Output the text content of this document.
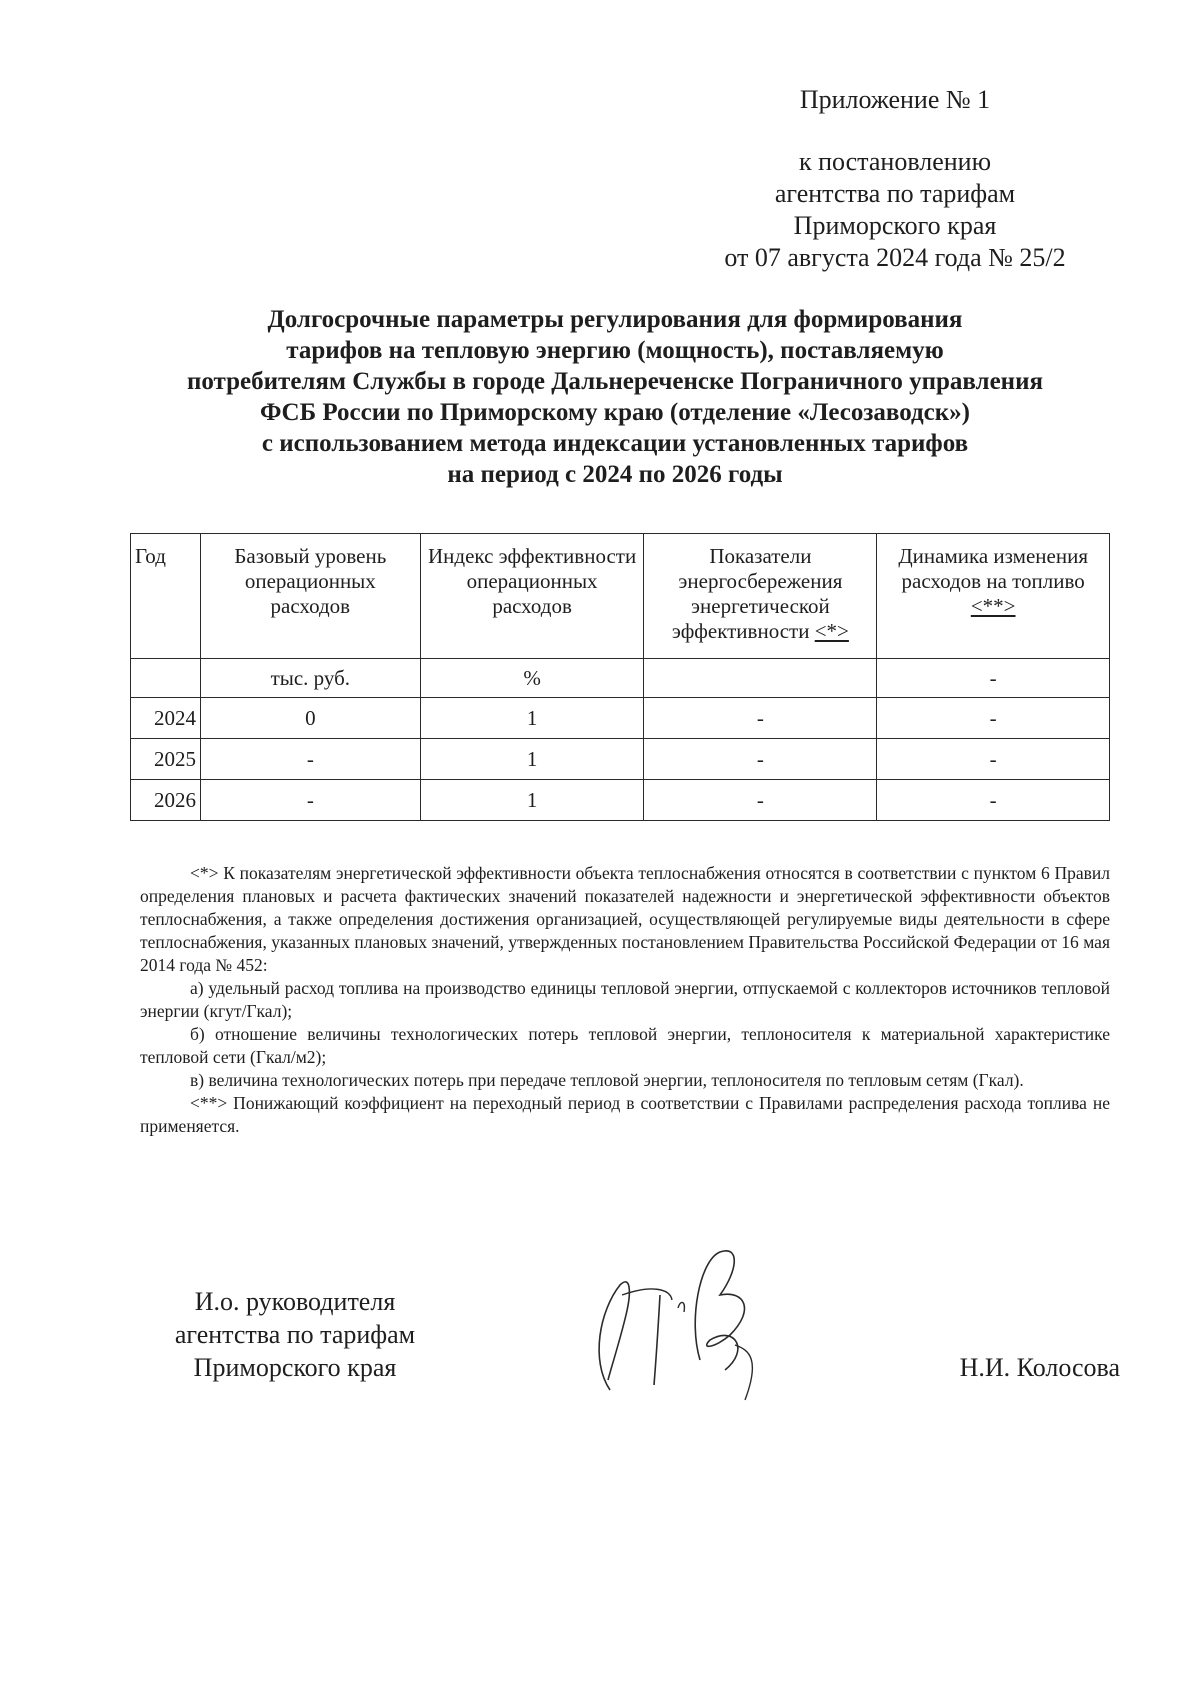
Приложение № 1
к постановлению
агентства по тарифам
Приморского края
от 07 августа 2024 года № 25/2
Долгосрочные параметры регулирования для формирования
тарифов на тепловую энергию (мощность), поставляемую
потребителям Службы в городе Дальнереченске Пограничного управления
ФСБ России по Приморскому краю (отделение «Лесозаводск»)
с использованием метода индексации установленных тарифов
на период с 2024 по 2026 годы
Год	Базовый уровень операционных расходов	Индекс эффективности операционных расходов	Показатели энергосбережения энергетической эффективности <*>	Динамика изменения расходов на топливо
<**>

	тыс. руб.	%		-
2024	0	1	-	-
2025	-	1	-	-
2026	-	1	-	-

<*> К показателям энергетической эффективности объекта теплоснабжения относятся в соответствии с пунктом 6 Правил определения плановых и расчета фактических значений показателей надежности и энергетической эффективности объектов теплоснабжения, а также определения достижения организацией, осуществляющей регулируемые виды деятельности в сфере теплоснабжения, указанных плановых значений, утвержденных постановлением Правительства Российской Федерации от 16 мая 2014 года № 452:

а) удельный расход топлива на производство единицы тепловой энергии, отпускаемой с коллекторов источников тепловой энергии (кгут/Гкал);

б) отношение величины технологических потерь тепловой энергии, теплоносителя к материальной характеристике тепловой сети (Гкал/м2);

в) величина технологических потерь при передаче тепловой энергии, теплоносителя по тепловым сетям (Гкал).

<**> Понижающий коэффициент на переходный период в соответствии с Правилами распределения расхода топлива не применяется.

И.о. руководителя
агентства по тарифам
Приморского края	Н.И. Колосова
